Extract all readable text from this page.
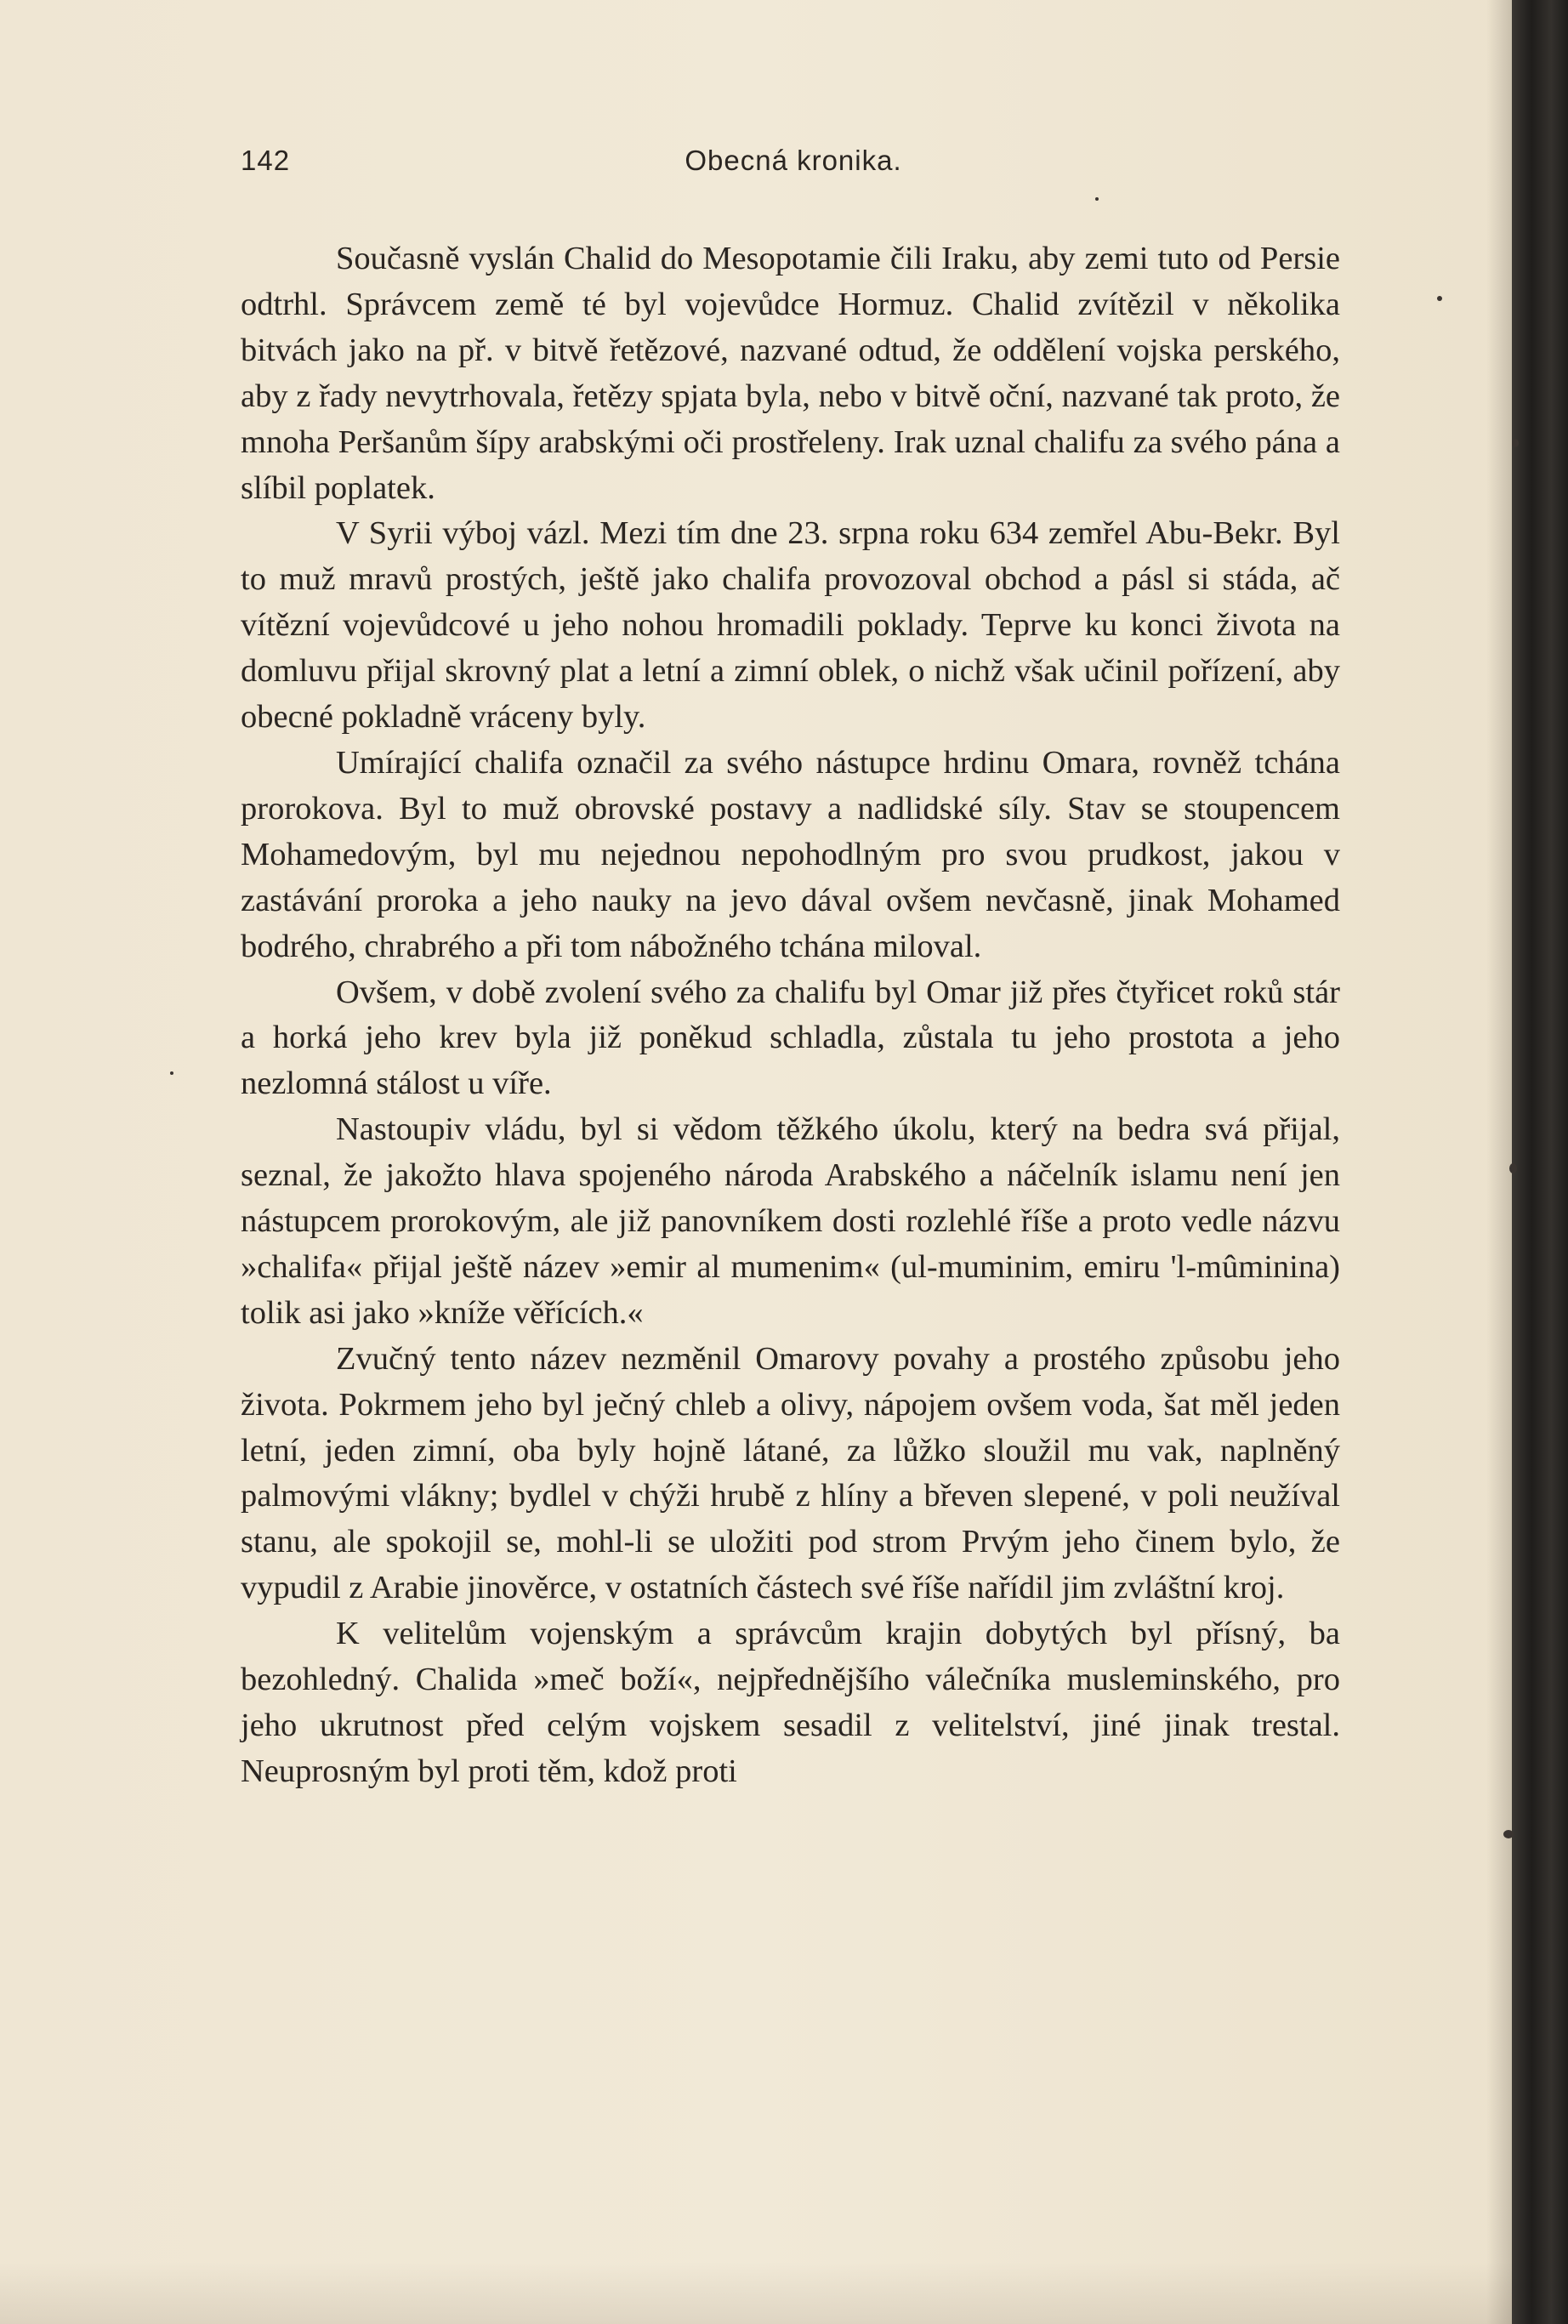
142	Obecná kronika.

Současně vyslán Chalid do Mesopotamie čili Iraku, aby zemi tuto od Persie odtrhl. Správcem země té byl vojevůdce Hormuz. Chalid zvítězil v několika bitvách jako na př. v bitvě řetězové, nazvané odtud, že oddělení vojska perského, aby z řady nevytrhovala, řetězy spjata byla, nebo v bitvě oční, nazvané tak proto, že mnoha Peršanům šípy arabskými oči prostřeleny. Irak uznal chalifu za svého pána a slíbil poplatek.

V Syrii výboj vázl. Mezi tím dne 23. srpna roku 634 zemřel Abu-Bekr. Byl to muž mravů prostých, ještě jako chalifa provozoval obchod a pásl si stáda, ač vítězní vojevůdcové u jeho nohou hromadili poklady. Teprve ku konci života na domluvu přijal skrovný plat a letní a zimní oblek, o nichž však učinil pořízení, aby obecné pokladně vráceny byly.

Umírající chalifa označil za svého nástupce hrdinu Omara, rovněž tchána prorokova. Byl to muž obrovské postavy a nadlidské síly. Stav se stoupencem Mohamedovým, byl mu nejednou nepohodlným pro svou prudkost, jakou v zastávání proroka a jeho nauky na jevo dával ovšem nevčasně, jinak Mohamed bodrého, chrabrého a při tom nábožného tchána miloval.

Ovšem, v době zvolení svého za chalifu byl Omar již přes čtyřicet roků stár a horká jeho krev byla již poněkud schladla, zůstala tu jeho prostota a jeho nezlomná stálost u víře.

Nastoupiv vládu, byl si vědom těžkého úkolu, který na bedra svá přijal, seznal, že jakožto hlava spojeného národa Arabského a náčelník islamu není jen nástupcem prorokovým, ale již panovníkem dosti rozlehlé říše a proto vedle názvu »chalifa« přijal ještě název »emir al mumenim« (ul-muminim, emiru 'l-mûminina) tolik asi jako »kníže věřících.«

Zvučný tento název nezměnil Omarovy povahy a prostého způsobu jeho života. Pokrmem jeho byl ječný chleb a olivy, nápojem ovšem voda, šat měl jeden letní, jeden zimní, oba byly hojně látané, za lůžko sloužil mu vak, naplněný palmovými vlákny; bydlel v chýži hrubě z hlíny a břeven slepené, v poli neužíval stanu, ale spokojil se, mohl-li se uložiti pod strom Prvým jeho činem bylo, že vypudil z Arabie jinověrce, v ostatních částech své říše nařídil jim zvláštní kroj.

K velitelům vojenským a správcům krajin dobytých byl přísný, ba bezohledný. Chalida »meč boží«, nejpřednějšího válečníka musleminského, pro jeho ukrutnost před celým vojskem sesadil z velitelství, jiné jinak trestal. Neuprosným byl proti těm, kdož proti
